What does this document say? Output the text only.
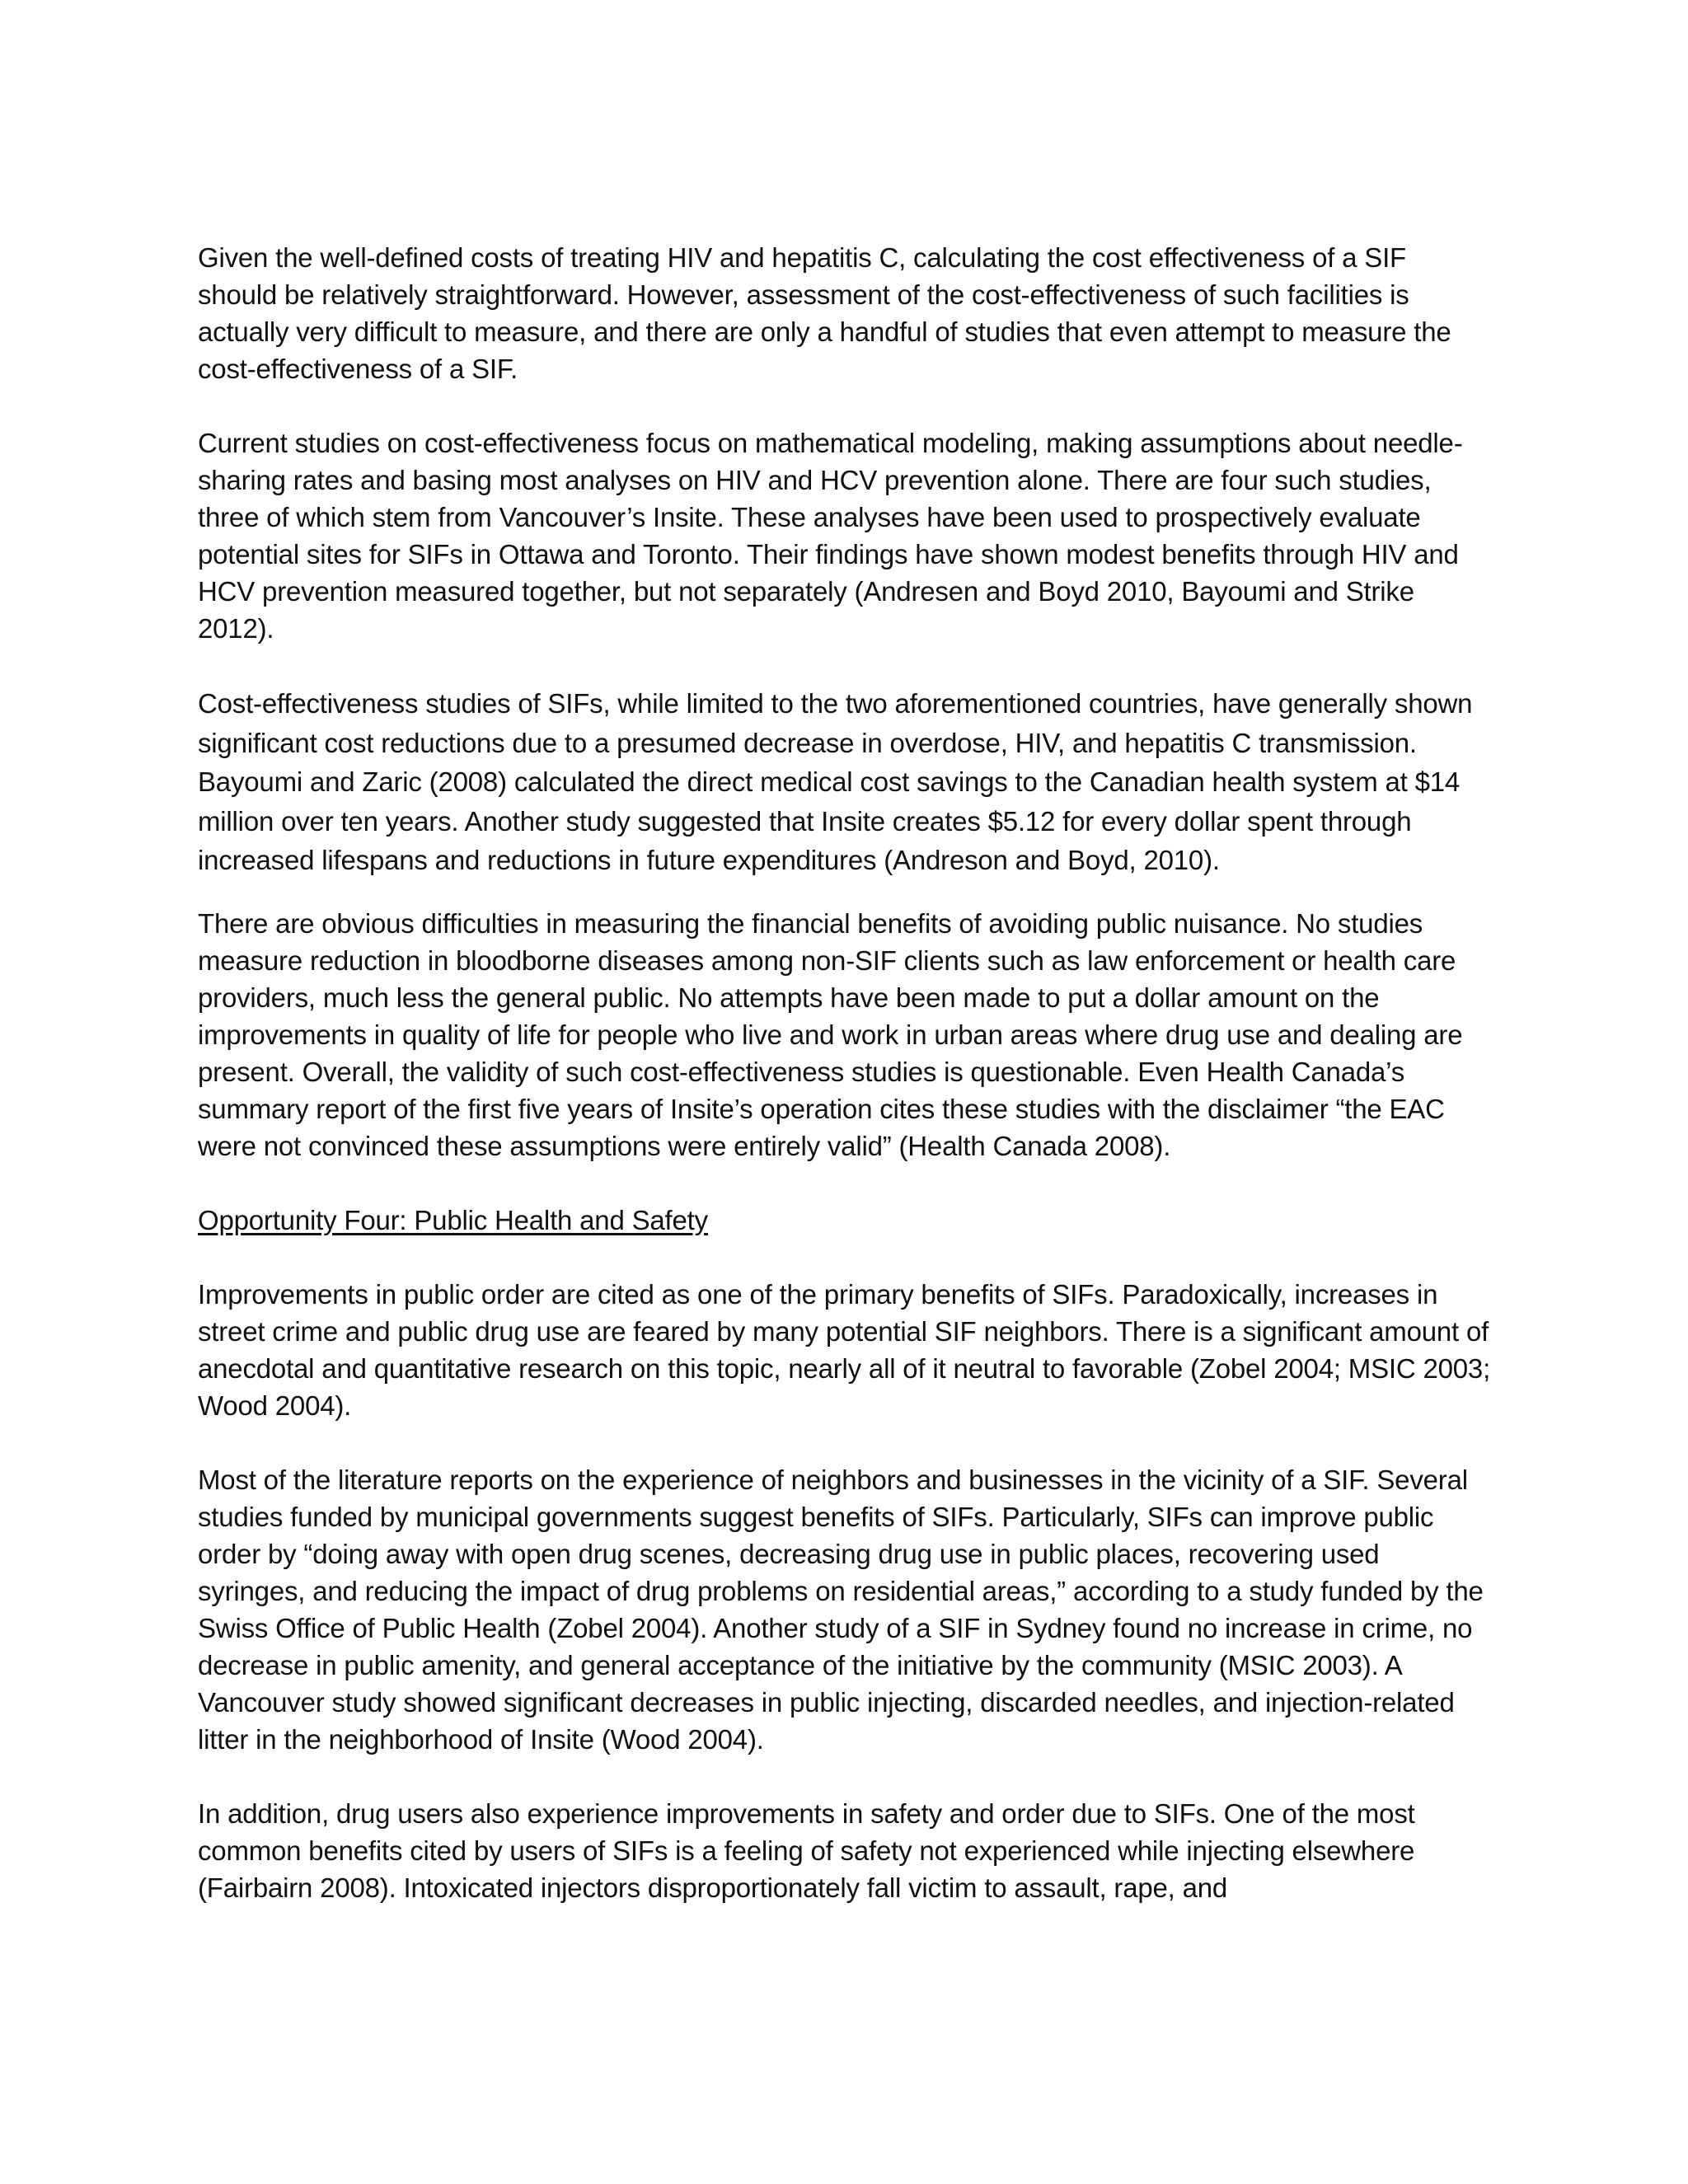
Given the well-defined costs of treating HIV and hepatitis C, calculating the cost effectiveness of a SIF should be relatively straightforward. However, assessment of the cost-effectiveness of such facilities is actually very difficult to measure, and there are only a handful of studies that even attempt to measure the cost-effectiveness of a SIF.

Current studies on cost-effectiveness focus on mathematical modeling, making assumptions about needle-sharing rates and basing most analyses on HIV and HCV prevention alone. There are four such studies, three of which stem from Vancouver’s Insite. These analyses have been used to prospectively evaluate potential sites for SIFs in Ottawa and Toronto. Their findings have shown modest benefits through HIV and HCV prevention measured together, but not separately (Andresen and Boyd 2010, Bayoumi and Strike 2012).

Cost-effectiveness studies of SIFs, while limited to the two aforementioned countries, have generally shown significant cost reductions due to a presumed decrease in overdose, HIV, and hepatitis C transmission. Bayoumi and Zaric (2008) calculated the direct medical cost savings to the Canadian health system at $14 million over ten years. Another study suggested that Insite creates $5.12 for every dollar spent through increased lifespans and reductions in future expenditures (Andreson and Boyd, 2010).

There are obvious difficulties in measuring the financial benefits of avoiding public nuisance. No studies measure reduction in bloodborne diseases among non-SIF clients such as law enforcement or health care providers, much less the general public. No attempts have been made to put a dollar amount on the improvements in quality of life for people who live and work in urban areas where drug use and dealing are present. Overall, the validity of such cost-effectiveness studies is questionable. Even Health Canada’s summary report of the first five years of Insite’s operation cites these studies with the disclaimer “the EAC were not convinced these assumptions were entirely valid” (Health Canada 2008).

Opportunity Four: Public Health and Safety

Improvements in public order are cited as one of the primary benefits of SIFs. Paradoxically, increases in street crime and public drug use are feared by many potential SIF neighbors. There is a significant amount of anecdotal and quantitative research on this topic, nearly all of it neutral to favorable (Zobel 2004; MSIC 2003; Wood 2004).

Most of the literature reports on the experience of neighbors and businesses in the vicinity of a SIF. Several studies funded by municipal governments suggest benefits of SIFs. Particularly, SIFs can improve public order by “doing away with open drug scenes, decreasing drug use in public places, recovering used syringes, and reducing the impact of drug problems on residential areas,” according to a study funded by the Swiss Office of Public Health (Zobel 2004). Another study of a SIF in Sydney found no increase in crime, no decrease in public amenity, and general acceptance of the initiative by the community (MSIC 2003). A Vancouver study showed significant decreases in public injecting, discarded needles, and injection-related litter in the neighborhood of Insite (Wood 2004).

In addition, drug users also experience improvements in safety and order due to SIFs. One of the most common benefits cited by users of SIFs is a feeling of safety not experienced while injecting elsewhere (Fairbairn 2008). Intoxicated injectors disproportionately fall victim to assault, rape, and
